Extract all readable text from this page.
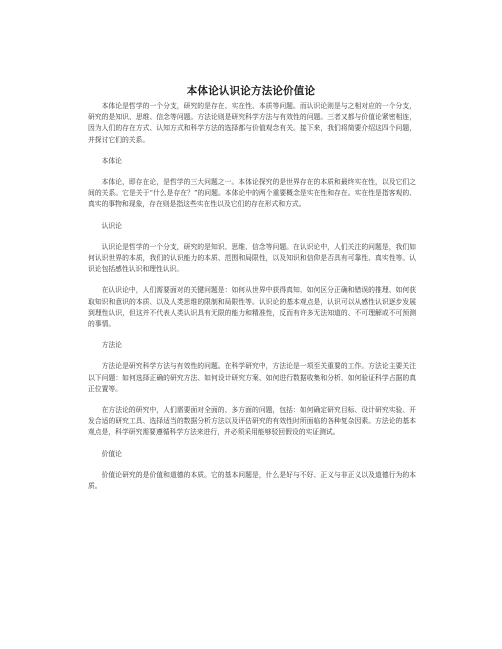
本体论认识论方法论价值论

本体论是哲学的一个分支，研究的是存在、实在性、本质等问题。而认识论则是与之相对应的一个分支，研究的是知识、思维、信念等问题。方法论则是研究科学方法与有效性的问题。三者又都与价值论紧密相连，因为人们的存在方式、认知方式和科学方法的选择都与价值观念有关。接下来，我们将简要介绍这四个问题，并探讨它们的关系。

本体论

本体论，即存在论，是哲学的三大问题之一。本体论探究的是世界存在的本质和最终实在性，以及它们之间的关系。它是关于“什么是存在？”的问题。本体论中的两个重要概念是实在性和存在。实在性是指客观的、真实的事物和现象，存在则是指这些实在性以及它们的存在形式和方式。

认识论

认识论是哲学的一个分支，研究的是知识、思维、信念等问题。在认识论中，人们关注的问题是，我们如何认识世界的本质，我们的认识能力的本质、范围和局限性，以及知识和信仰是否具有可靠性、真实性等。认识论包括感性认识和理性认识。

在认识论中，人们需要面对的关键问题是：如何从世界中获得真知、如何区分正确和错误的推理、如何获取知识和意识的本质、以及人类思维的限制和局限性等。认识论的基本观点是，认识可以从感性认识逐步发展到理性认识，但这并不代表人类认识具有无限的能力和精准性，反而有许多无法知道的、不可理解或不可预测的事情。

方法论

方法论是研究科学方法与有效性的问题。在科学研究中，方法论是一项至关重要的工作。方法论主要关注以下问题：如何选择正确的研究方法、如何设计研究方案、如何进行数据收集和分析、如何验证科学占据的真正位置等。

在方法论的研究中，人们需要面对全面的、多方面的问题，包括：如何确定研究目标、设计研究实验、开发合适的研究工具、选择适当的数据分析方法以及评估研究的有效性时所面临的各种复杂因素。方法论的基本观点是，科学研究需要遵循科学方法来进行，并必须采用能够驳回假设的实证测试。

价值论

价值论研究的是价值和道德的本质。它的基本问题是，什么是好与不好、正义与非正义以及道德行为的本质。
